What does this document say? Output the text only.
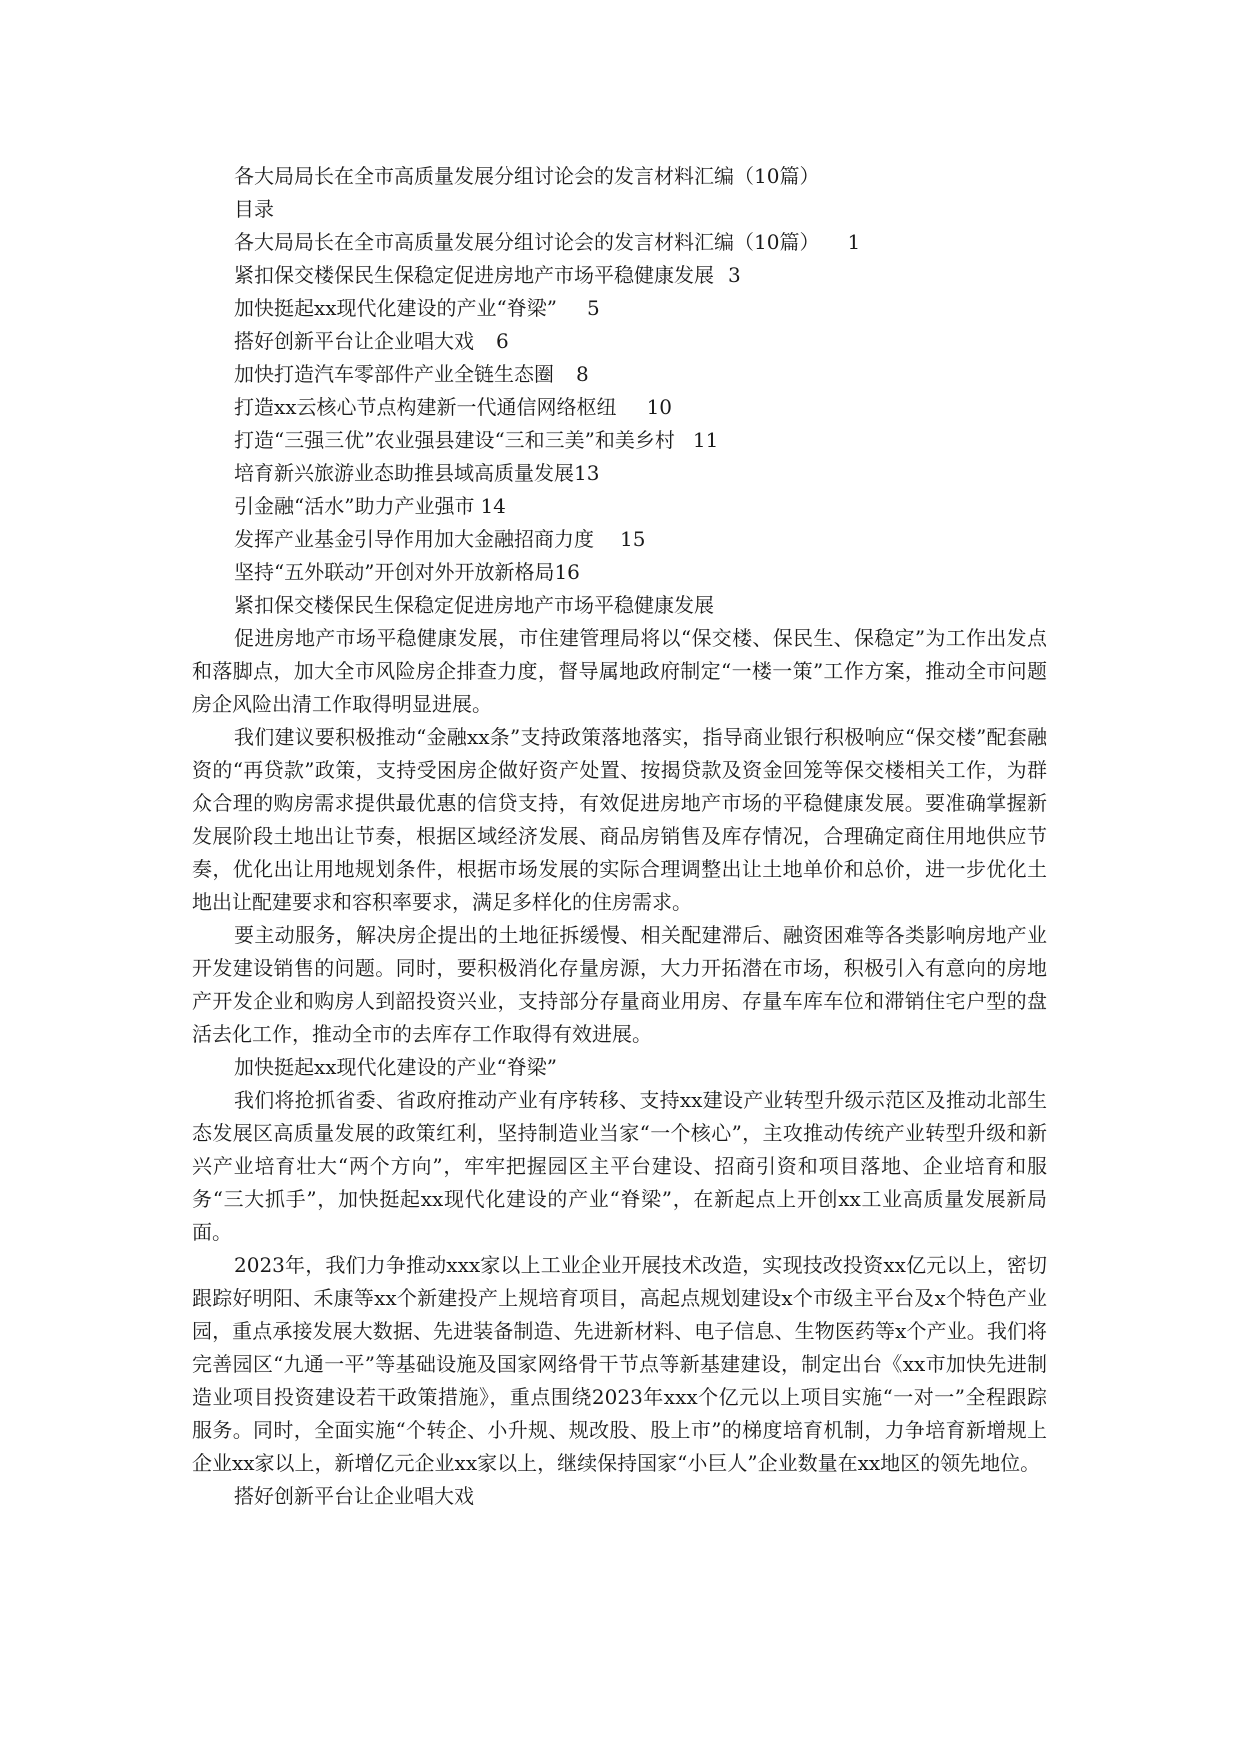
各大局局长在全市高质量发展分组讨论会的发言材料汇编（10篇）
目录
各大局局长在全市高质量发展分组讨论会的发言材料汇编（10篇） 1
紧扣保交楼保民生保稳定促进房地产市场平稳健康发展 3
加快挺起xx现代化建设的产业“脊梁” 5
搭好创新平台让企业唱大戏 6
加快打造汽车零部件产业全链生态圈 8
打造xx云核心节点构建新一代通信网络枢纽 10
打造“三强三优”农业强县建设“三和三美”和美乡村 11
培育新兴旅游业态助推县域高质量发展13
引金融“活水”助力产业强市 14
发挥产业基金引导作用加大金融招商力度 15
坚持“五外联动”开创对外开放新格局16
紧扣保交楼保民生保稳定促进房地产市场平稳健康发展

促进房地产市场平稳健康发展，市住建管理局将以“保交楼、保民生、保稳定”为工作出发点和落脚点，加大全市风险房企排查力度，督导属地政府制定“一楼一策”工作方案，推动全市问题房企风险出清工作取得明显进展。

我们建议要积极推动“金融xx条”支持政策落地落实，指导商业银行积极响应“保交楼”配套融资的“再贷款”政策，支持受困房企做好资产处置、按揭贷款及资金回笼等保交楼相关工作，为群众合理的购房需求提供最优惠的信贷支持，有效促进房地产市场的平稳健康发展。要准确掌握新发展阶段土地出让节奏，根据区域经济发展、商品房销售及库存情况，合理确定商住用地供应节奏，优化出让用地规划条件，根据市场发展的实际合理调整出让土地单价和总价，进一步优化土地出让配建要求和容积率要求，满足多样化的住房需求。

要主动服务，解决房企提出的土地征拆缓慢、相关配建滞后、融资困难等各类影响房地产业开发建设销售的问题。同时，要积极消化存量房源，大力开拓潜在市场，积极引入有意向的房地产开发企业和购房人到韶投资兴业，支持部分存量商业用房、存量车库车位和滞销住宅户型的盘活去化工作，推动全市的去库存工作取得有效进展。

加快挺起xx现代化建设的产业“脊梁”

我们将抢抓省委、省政府推动产业有序转移、支持xx建设产业转型升级示范区及推动北部生态发展区高质量发展的政策红利，坚持制造业当家“一个核心”，主攻推动传统产业转型升级和新兴产业培育壮大“两个方向”，牢牢把握园区主平台建设、招商引资和项目落地、企业培育和服务“三大抓手”，加快挺起xx现代化建设的产业“脊梁”，在新起点上开创xx工业高质量发展新局面。

2023年，我们力争推动xxx家以上工业企业开展技术改造，实现技改投资xx亿元以上，密切跟踪好明阳、禾康等xx个新建投产上规培育项目，高起点规划建设x个市级主平台及x个特色产业园，重点承接发展大数据、先进装备制造、先进新材料、电子信息、生物医药等x个产业。我们将完善园区“九通一平”等基础设施及国家网络骨干节点等新基建建设，制定出台《xx市加快先进制造业项目投资建设若干政策措施》，重点围绕2023年xxx个亿元以上项目实施“一对一”全程跟踪服务。同时，全面实施“个转企、小升规、规改股、股上市”的梯度培育机制，力争培育新增规上企业xx家以上，新增亿元企业xx家以上，继续保持国家“小巨人”企业数量在xx地区的领先地位。

搭好创新平台让企业唱大戏
